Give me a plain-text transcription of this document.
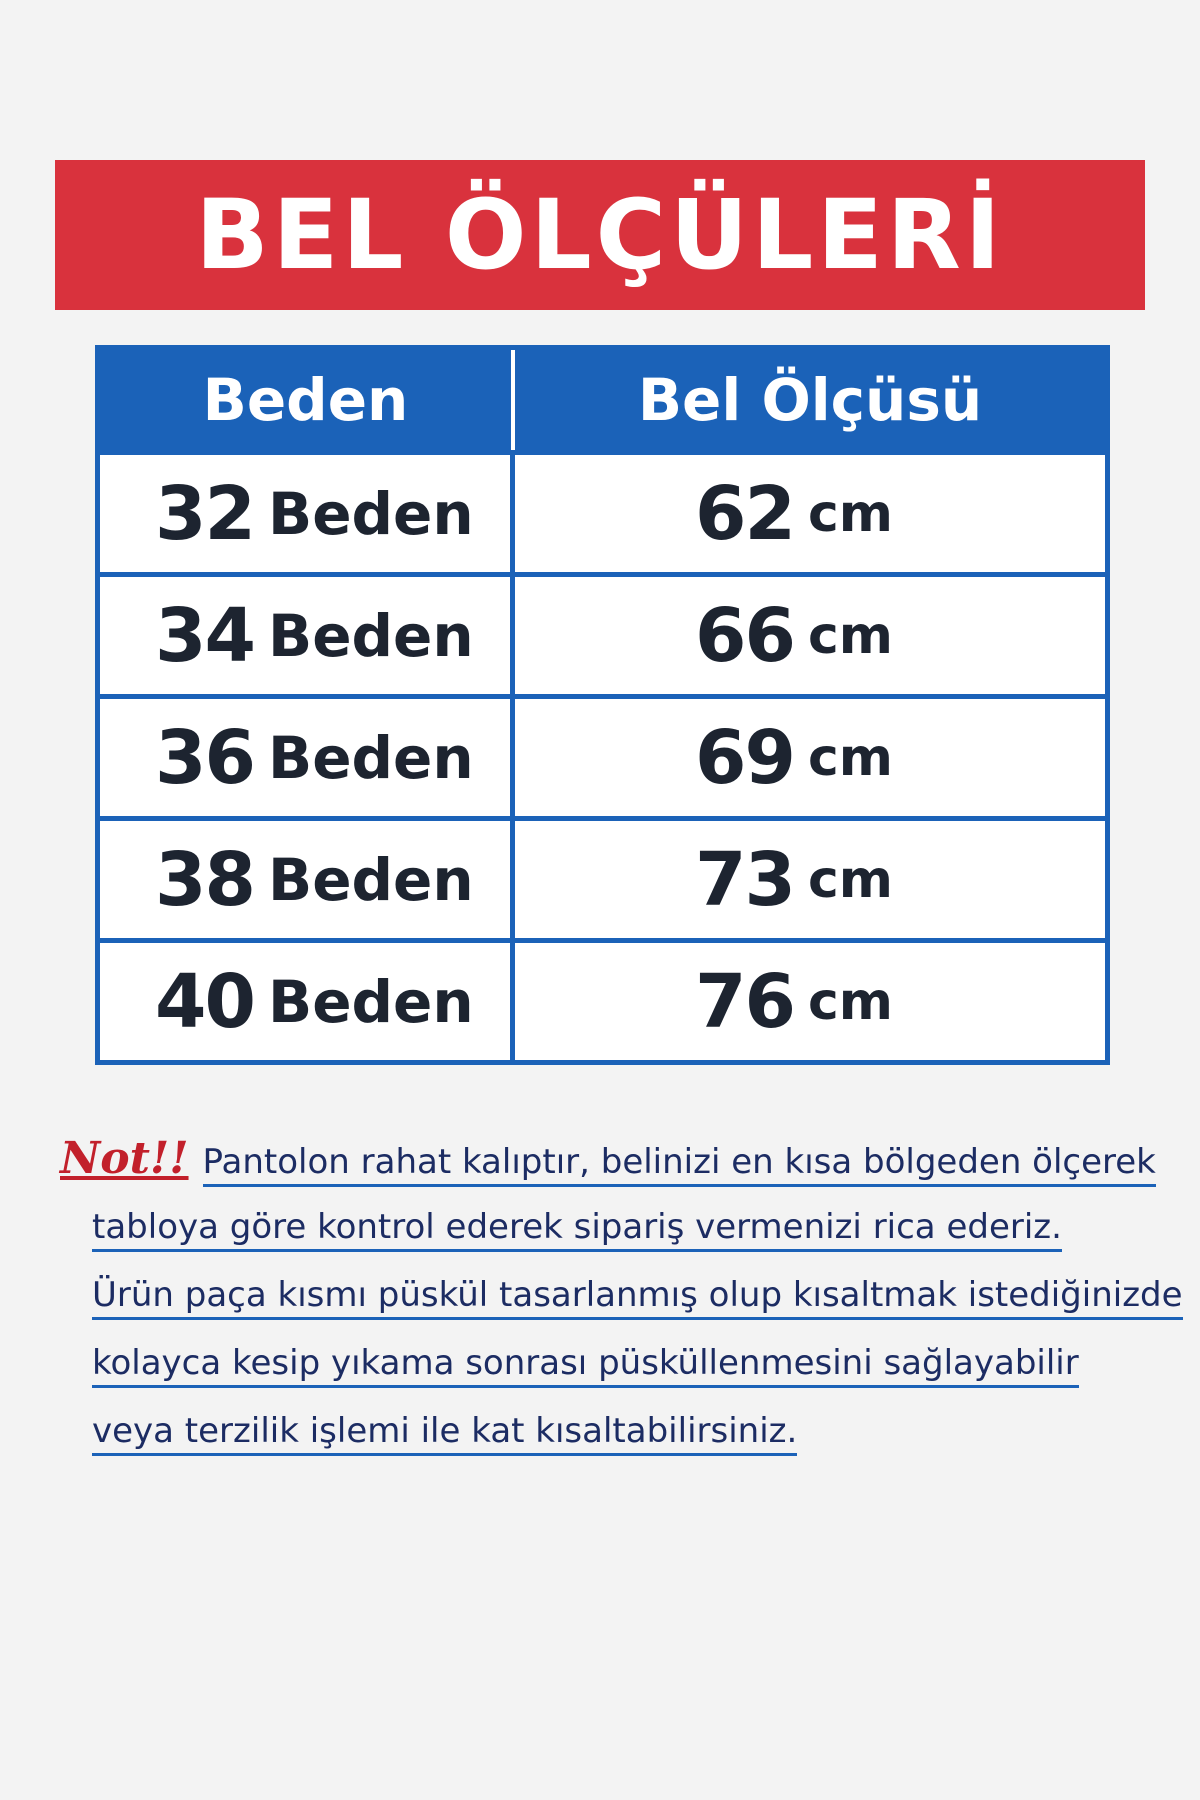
BEL ÖLÇÜLERİ
Beden	Bel Ölçüsü
32 Beden	62 cm
34 Beden	66 cm
36 Beden	69 cm
38 Beden	73 cm
40 Beden	76 cm
Not!! Pantolon rahat kalıptır, belinizi en kısa bölgeden ölçerek
tabloya göre kontrol ederek sipariş vermenizi rica ederiz.
Ürün paça kısmı püskül tasarlanmış olup kısaltmak istediğinizde
kolayca kesip yıkama sonrası püsküllenmesini sağlayabilir
veya terzilik işlemi ile kat kısaltabilirsiniz.
